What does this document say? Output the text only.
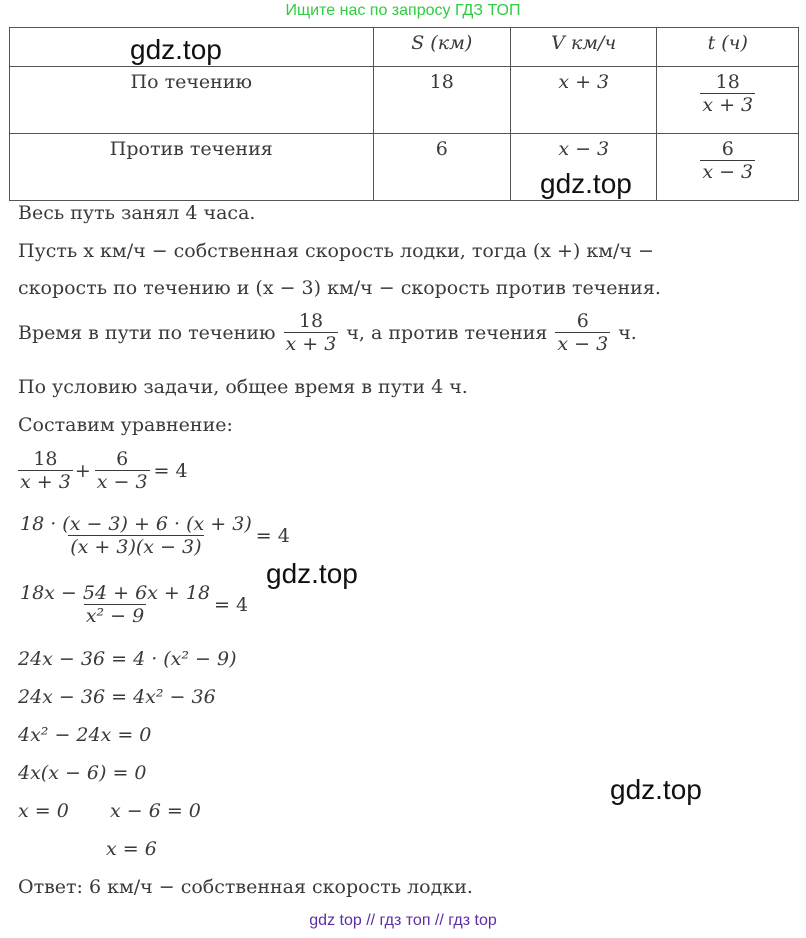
Ищите нас по запросу ГДЗ ТОП
	S (км)	V км/ч	t (ч)
По течению	18	x + 3	$\frac{18}{x + 3}$

Против течения	6	x − 3	$\frac{6}{x - 3}$
gdz.top
gdz.top
Весь путь занял 4 часа.
Пусть x км/ч − собственная скорость лодки, тогда (x +) км/ч −
скорость по течению и (x − 3) км/ч − скорость против течения.
Время в пути по течению $\frac{18}{x + 3} ч$, а против течения $\frac{6}{x - 3} ч$.
По условию задачи, общее время в пути 4 ч.
Составим уравнение:
$\frac{18}{x + 3} + \frac{6}{x - 3} = 4$
$\frac{18 \cdot (x - 3) + 6 \cdot (x + 3)}{(x + 3)(x - 3)} = 4$
gdz.top
$\frac{18x - 54 + 6x + 18}{\text{x² − 9}} = 4$
24x − 36 = 4 · (x² − 9)
24x − 36 = 4x² − 36
4x² − 24x = 0
4x(x − 6) = 0
x = 0 x − 6 = 0
x = 6
gdz.top
Ответ: 6 км/ч − собственная скорость лодки.
gdz top // гдз топ // гдз top
